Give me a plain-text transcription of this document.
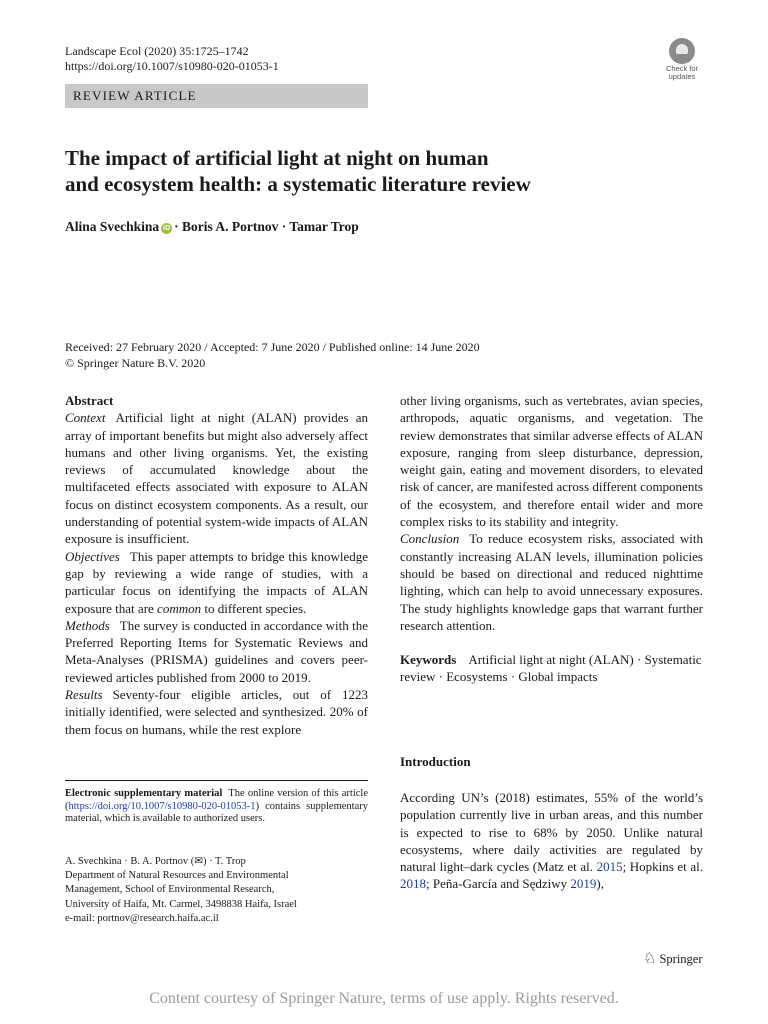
Landscape Ecol (2020) 35:1725–1742
https://doi.org/10.1007/s10980-020-01053-1	Check for
updates
REVIEW ARTICLE
The impact of artificial light at night on human
and ecosystem health: a systematic literature review
Alina Svechkina iD · Boris A. Portnov · Tamar Trop
Received: 27 February 2020 / Accepted: 7 June 2020 / Published online: 14 June 2020
© Springer Nature B.V. 2020

Abstract

Context Artificial light at night (ALAN) provides an array of important benefits but might also adversely affect humans and other living organisms. Yet, the existing reviews of accumulated knowledge about the multifaceted effects associated with exposure to ALAN focus on distinct ecosystem components. As a result, our understanding of potential system-wide impacts of ALAN exposure is insufficient.

Objectives This paper attempts to bridge this knowledge gap by reviewing a wide range of studies, with a particular focus on identifying the impacts of ALAN exposure that are common to different species.

Methods The survey is conducted in accordance with the Preferred Reporting Items for Systematic Reviews and Meta-Analyses (PRISMA) guidelines and covers peer-reviewed articles published from 2000 to 2019.

Results Seventy-four eligible articles, out of 1223 initially identified, were selected and synthesized. 20% of them focus on humans, while the rest explore

other living organisms, such as vertebrates, avian species, arthropods, aquatic organisms, and vegetation. The review demonstrates that similar adverse effects of ALAN exposure, ranging from sleep disturbance, depression, weight gain, eating and movement disorders, to elevated risk of cancer, are manifested across different components of the ecosystem, and therefore entail wider and more complex risks to its stability and integrity.

Conclusion To reduce ecosystem risks, associated with constantly increasing ALAN levels, illumination policies should be based on directional and reduced nighttime lighting, which can help to avoid unnecessary exposures. The study highlights knowledge gaps that warrant further research attention.

Keywords Artificial light at night (ALAN) · Systematic review · Ecosystems · Global impacts

Electronic supplementary material The online version of this article (https://doi.org/10.1007/s10980-020-01053-1) contains supplementary material, which is available to authorized users.
A. Svechkina · B. A. Portnov (✉) · T. Trop
Department of Natural Resources and Environmental
Management, School of Environmental Research,
University of Haifa, Mt. Carmel, 3498838 Haifa, Israel
e-mail: portnov@research.haifa.ac.il
Introduction
According UN’s (2018) estimates, 55% of the world’s population currently live in urban areas, and this number is expected to rise to 68% by 2050. Unlike natural ecosystems, where daily activities are regulated by natural light–dark cycles (Matz et al. 2015; Hopkins et al. 2018; Peña-García and Sędziwy 2019),
♘ Springer
Content courtesy of Springer Nature, terms of use apply. Rights reserved.
